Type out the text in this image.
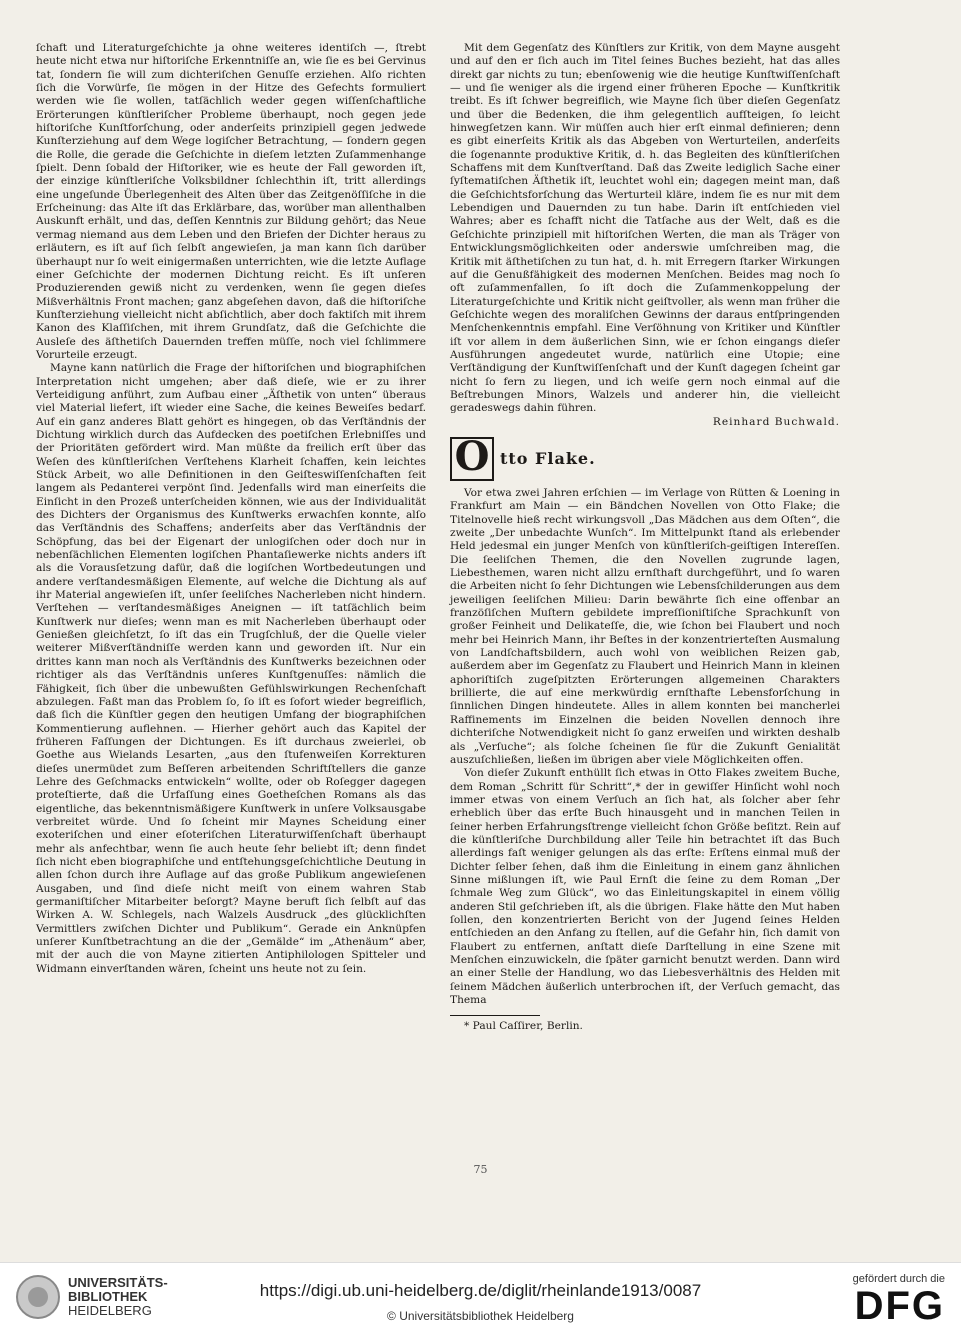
ſchaft und Literaturgeſchichte ja ohne weiteres identiſch —, ſtrebt heute nicht etwa nur hiſtoriſche Erkenntniſſe an, wie ſie es bei Gervinus tat, ſondern ſie will zum dichteriſchen Genuſſe erziehen. Alſo richten ſich die Vorwürfe, ſie mögen in der Hitze des Gefechts formuliert werden wie ſie wollen, tatſächlich weder gegen wiſſenſchaftliche Erörterungen künſtleriſcher Probleme überhaupt, noch gegen jede hiſtoriſche Kunſtforſchung, oder anderſeits prinzipiell gegen jedwede Kunſterziehung auf dem Wege logiſcher Betrachtung, — ſondern gegen die Rolle, die gerade die Geſchichte in dieſem letzten Zuſammenhange ſpielt. Denn ſobald der Hiſtoriker, wie es heute der Fall geworden iſt, der einzige künſtleriſche Volksbildner ſchlechthin iſt, tritt allerdings eine ungeſunde Überlegenheit des Alten über das Zeitgenöſſiſche in die Erſcheinung: das Alte iſt das Erklärbare, das, worüber man allenthalben Auskunft erhält, und das, deſſen Kenntnis zur Bildung gehört; das Neue vermag niemand aus dem Leben und den Briefen der Dichter heraus zu erläutern, es iſt auf ſich ſelbſt angewieſen, ja man kann ſich darüber überhaupt nur ſo weit einigermaßen unterrichten, wie die letzte Auflage einer Geſchichte der modernen Dichtung reicht. Es iſt unſeren Produzierenden gewiß nicht zu verdenken, wenn ſie gegen dieſes Mißverhältnis Front machen; ganz abgeſehen davon, daß die hiſtoriſche Kunſterziehung vielleicht nicht abſichtlich, aber doch faktiſch mit ihrem Kanon des Klaſſiſchen, mit ihrem Grundſatz, daß die Geſchichte die Ausleſe des äſthetiſch Dauernden treffen müſſe, noch viel ſchlimmere Vorurteile erzeugt.

Mayne kann natürlich die Frage der hiſtoriſchen und biographiſchen Interpretation nicht umgehen; aber daß dieſe, wie er zu ihrer Verteidigung anführt, zum Aufbau einer „Äſthetik von unten“ überaus viel Material liefert, iſt wieder eine Sache, die keines Beweiſes bedarf. Auf ein ganz anderes Blatt gehört es hingegen, ob das Verſtändnis der Dichtung wirklich durch das Aufdecken des poetiſchen Erlebniſſes und der Prioritäten gefördert wird. Man müßte da freilich erſt über das Weſen des künſtleriſchen Verſtehens Klarheit ſchaffen, kein leichtes Stück Arbeit, wo alle Definitionen in den Geiſteswiſſenſchaften ſeit langem als Pedanterei verpönt ſind. Jedenfalls wird man einerſeits die Einſicht in den Prozeß unterſcheiden können, wie aus der Individualität des Dichters der Organismus des Kunſtwerks erwachſen konnte, alſo das Verſtändnis des Schaffens; anderſeits aber das Verſtändnis der Schöpfung, das bei der Eigenart der unlogiſchen oder doch nur in nebenſächlichen Elementen logiſchen Phantaſiewerke nichts anders iſt als die Vorausſetzung dafür, daß die logiſchen Wortbedeutungen und andere verſtandesmäßigen Elemente, auf welche die Dichtung als auf ihr Material angewieſen iſt, unſer ſeeliſches Nacherleben nicht hindern. Verſtehen — verſtandesmäßiges Aneignen — iſt tatſächlich beim Kunſtwerk nur dieſes; wenn man es mit Nacherleben überhaupt oder Genießen gleichſetzt, ſo iſt das ein Trugſchluß, der die Quelle vieler weiterer Mißverſtändniſſe werden kann und geworden iſt. Nur ein drittes kann man noch als Verſtändnis des Kunſtwerks bezeichnen oder richtiger als das Verſtändnis unſeres Kunſtgenuſſes: nämlich die Fähigkeit, ſich über die unbewußten Gefühlswirkungen Rechenſchaft abzulegen. Faßt man das Problem ſo, ſo iſt es ſofort wieder begreiflich, daß ſich die Künſtler gegen den heutigen Umfang der biographiſchen Kommentierung auflehnen. — Hierher gehört auch das Kapitel der früheren Faſſungen der Dichtungen. Es iſt durchaus zweierlei, ob Goethe aus Wielands Lesarten, „aus den ſtufenweiſen Korrekturen dieſes unermüdet zum Beſſeren arbeitenden Schriftſtellers die ganze Lehre des Geſchmacks entwickeln“ wollte, oder ob Roſegger dagegen proteſtierte, daß die Urfaſſung eines Goetheſchen Romans als das eigentliche, das bekenntnismäßigere Kunſtwerk in unſere Volksausgabe verbreitet würde. Und ſo ſcheint mir Maynes Scheidung einer exoteriſchen und einer eſoteriſchen Literaturwiſſenſchaft überhaupt mehr als anfechtbar, wenn ſie auch heute ſehr beliebt iſt; denn findet ſich nicht eben biographiſche und entſtehungsgeſchichtliche Deutung in allen ſchon durch ihre Auflage auf das große Publikum angewieſenen Ausgaben, und ſind dieſe nicht meiſt von einem wahren Stab germaniſtiſcher Mitarbeiter beſorgt? Mayne beruft ſich ſelbſt auf das Wirken A. W. Schlegels, nach Walzels Ausdruck „des glücklichſten Vermittlers zwiſchen Dichter und Publikum“. Gerade ein Anknüpfen unſerer Kunſtbetrachtung an die der „Gemälde“ im „Athenäum“ aber, mit der auch die von Mayne zitierten Antiphilologen Spitteler und Widmann einverſtanden wären, ſcheint uns heute not zu ſein.

Mit dem Gegenſatz des Künſtlers zur Kritik, von dem Mayne ausgeht und auf den er ſich auch im Titel ſeines Buches bezieht, hat das alles direkt gar nichts zu tun; ebenſowenig wie die heutige Kunſtwiſſenſchaft — und ſie weniger als die irgend einer früheren Epoche — Kunſtkritik treibt. Es iſt ſchwer begreiflich, wie Mayne ſich über dieſen Gegenſatz und über die Bedenken, die ihm gelegentlich aufſteigen, ſo leicht hinwegſetzen kann. Wir müſſen auch hier erſt einmal definieren; denn es gibt einerſeits Kritik als das Abgeben von Werturteilen, anderſeits die ſogenannte produktive Kritik, d. h. das Begleiten des künſtleriſchen Schaffens mit dem Kunſtverſtand. Daß das Zweite lediglich Sache einer ſyſtematiſchen Äſthetik iſt, leuchtet wohl ein; dagegen meint man, daß die Geſchichtsforſchung das Werturteil kläre, indem ſie es nur mit dem Lebendigen und Dauernden zu tun habe. Darin iſt entſchieden viel Wahres; aber es ſchafft nicht die Tatſache aus der Welt, daß es die Geſchichte prinzipiell mit hiſtoriſchen Werten, die man als Träger von Entwicklungsmöglichkeiten oder anderswie umſchreiben mag, die Kritik mit äſthetiſchen zu tun hat, d. h. mit Erregern ſtarker Wirkungen auf die Genußfähigkeit des modernen Menſchen. Beides mag noch ſo oft zuſammenfallen, ſo iſt doch die Zuſammenkoppelung der Literaturgeſchichte und Kritik nicht geiſtvoller, als wenn man früher die Geſchichte wegen des moraliſchen Gewinns der daraus entſpringenden Menſchenkenntnis empfahl. Eine Verſöhnung von Kritiker und Künſtler iſt vor allem in dem äußerlichen Sinn, wie er ſchon eingangs dieſer Ausführungen angedeutet wurde, natürlich eine Utopie; eine Verſtändigung der Kunſtwiſſenſchaft und der Kunſt dagegen ſcheint gar nicht ſo fern zu liegen, und ich weiſe gern noch einmal auf die Beſtrebungen Minors, Walzels und anderer hin, die vielleicht geradeswegs dahin führen.

Reinhard Buchwald.

O tto Flake.

Vor etwa zwei Jahren erſchien — im Verlage von Rütten & Loening in Frankfurt am Main — ein Bändchen Novellen von Otto Flake; die Titelnovelle hieß recht wirkungsvoll „Das Mädchen aus dem Oſten“, die zweite „Der unbedachte Wunſch“. Im Mittelpunkt ſtand als erlebender Held jedesmal ein junger Menſch von künſtleriſch-geiſtigen Intereſſen. Die ſeeliſchen Themen, die den Novellen zugrunde lagen, Liebesthemen, waren nicht allzu ernſthaft durchgeführt, und ſo waren die Arbeiten nicht ſo ſehr Dichtungen wie Lebensſchilderungen aus dem jeweiligen ſeeliſchen Milieu: Darin bewährte ſich eine offenbar an franzöſiſchen Muſtern gebildete impreſſioniſtiſche Sprachkunſt von großer Feinheit und Delikateſſe, die, wie ſchon bei Flaubert und noch mehr bei Heinrich Mann, ihr Beſtes in der konzentrierteſten Ausmalung von Landſchaftsbildern, auch wohl von weiblichen Reizen gab, außerdem aber im Gegenſatz zu Flaubert und Heinrich Mann in kleinen aphoriſtiſch zugeſpitzten Erörterungen allgemeinen Charakters brillierte, die auf eine merkwürdig ernſthafte Lebensforſchung in ſinnlichen Dingen hindeutete. Alles in allem konnten bei mancherlei Raffinements im Einzelnen die beiden Novellen dennoch ihre dichteriſche Notwendigkeit nicht ſo ganz erweiſen und wirkten deshalb als „Verſuche“; als ſolche ſcheinen ſie für die Zukunft Genialität auszuſchließen, ließen im übrigen aber viele Möglichkeiten offen.

Von dieſer Zukunft enthüllt ſich etwas in Otto Flakes zweitem Buche, dem Roman „Schritt für Schritt“,* der in gewiſſer Hinſicht wohl noch immer etwas von einem Verſuch an ſich hat, als ſolcher aber ſehr erheblich über das erſte Buch hinausgeht und in manchen Teilen in ſeiner herben Erfahrungsſtrenge vielleicht ſchon Größe beſitzt. Rein auf die künſtleriſche Durchbildung aller Teile hin betrachtet iſt das Buch allerdings faſt weniger gelungen als das erſte: Erſtens einmal muß der Dichter ſelber ſehen, daß ihm die Einleitung in einem ganz ähnlichen Sinne mißlungen iſt, wie Paul Ernſt die ſeine zu dem Roman „Der ſchmale Weg zum Glück“, wo das Einleitungskapitel in einem völlig anderen Stil geſchrieben iſt, als die übrigen. Flake hätte den Mut haben ſollen, den konzentrierten Bericht von der Jugend ſeines Helden entſchieden an den Anfang zu ſtellen, auf die Gefahr hin, ſich damit von Flaubert zu entfernen, anſtatt dieſe Darſtellung in eine Szene mit Menſchen einzuwickeln, die ſpäter garnicht benutzt werden. Dann wird an einer Stelle der Handlung, wo das Liebesverhältnis des Helden mit ſeinem Mädchen äußerlich unterbrochen iſt, der Verſuch gemacht, das Thema

* Paul Caſſirer, Berlin.

75
UNIVERSITÄTS-
BIBLIOTHEK
HEIDELBERG
https://digi.ub.uni-heidelberg.de/diglit/rheinlande1913/0087
© Universitätsbibliothek Heidelberg
gefördert durch die
DFG
